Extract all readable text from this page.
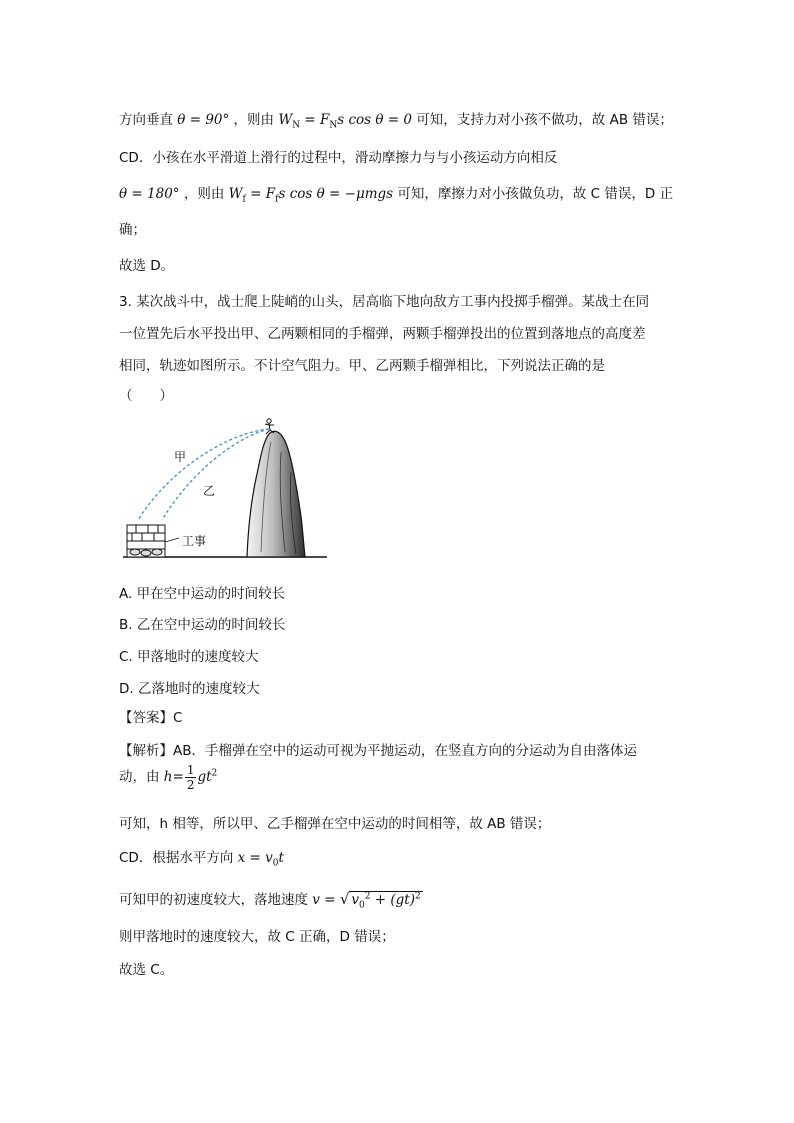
方向垂直 θ = 90° ，则由 $W_N = F_Ns$ cos θ = 0 可知，支持力对小孩不做功，故 AB 错误；
CD．小孩在水平滑道上滑行的过程中，滑动摩擦力与与小孩运动方向相反
θ = 180° ，则由 $W_f = F_fs$ cos θ = −μmgs 可知，摩擦力对小孩做负功，故 C 错误，D 正
确；
故选 D。
3. 某次战斗中，战士爬上陡峭的山头，居高临下地向敌方工事内投掷手榴弹。某战士在同
一位置先后水平投出甲、乙两颗相同的手榴弹，两颗手榴弹投出的位置到落地点的高度差
相同，轨迹如图所示。不计空气阻力。甲、乙两颗手榴弹相比，下列说法正确的是
（　　）
甲
乙
工事
A. 甲在空中运动的时间较长
B. 乙在空中运动的时间较长
C. 甲落地时的速度较大
D. 乙落地时的速度较大
【答案】C
【解析】AB．手榴弹在空中的运动可视为平抛运动，在竖直方向的分运动为自由落体运
动，由 $h= \frac{1}{2} gt^2$
可知，h 相等，所以甲、乙手榴弹在空中运动的时间相等，故 AB 错误；
CD．根据水平方向 $x = v_0t$
可知甲的初速度较大，落地速度 v = √ $v_0^2 + (gt)^2$
则甲落地时的速度较大，故 C 正确，D 错误；
故选 C。
